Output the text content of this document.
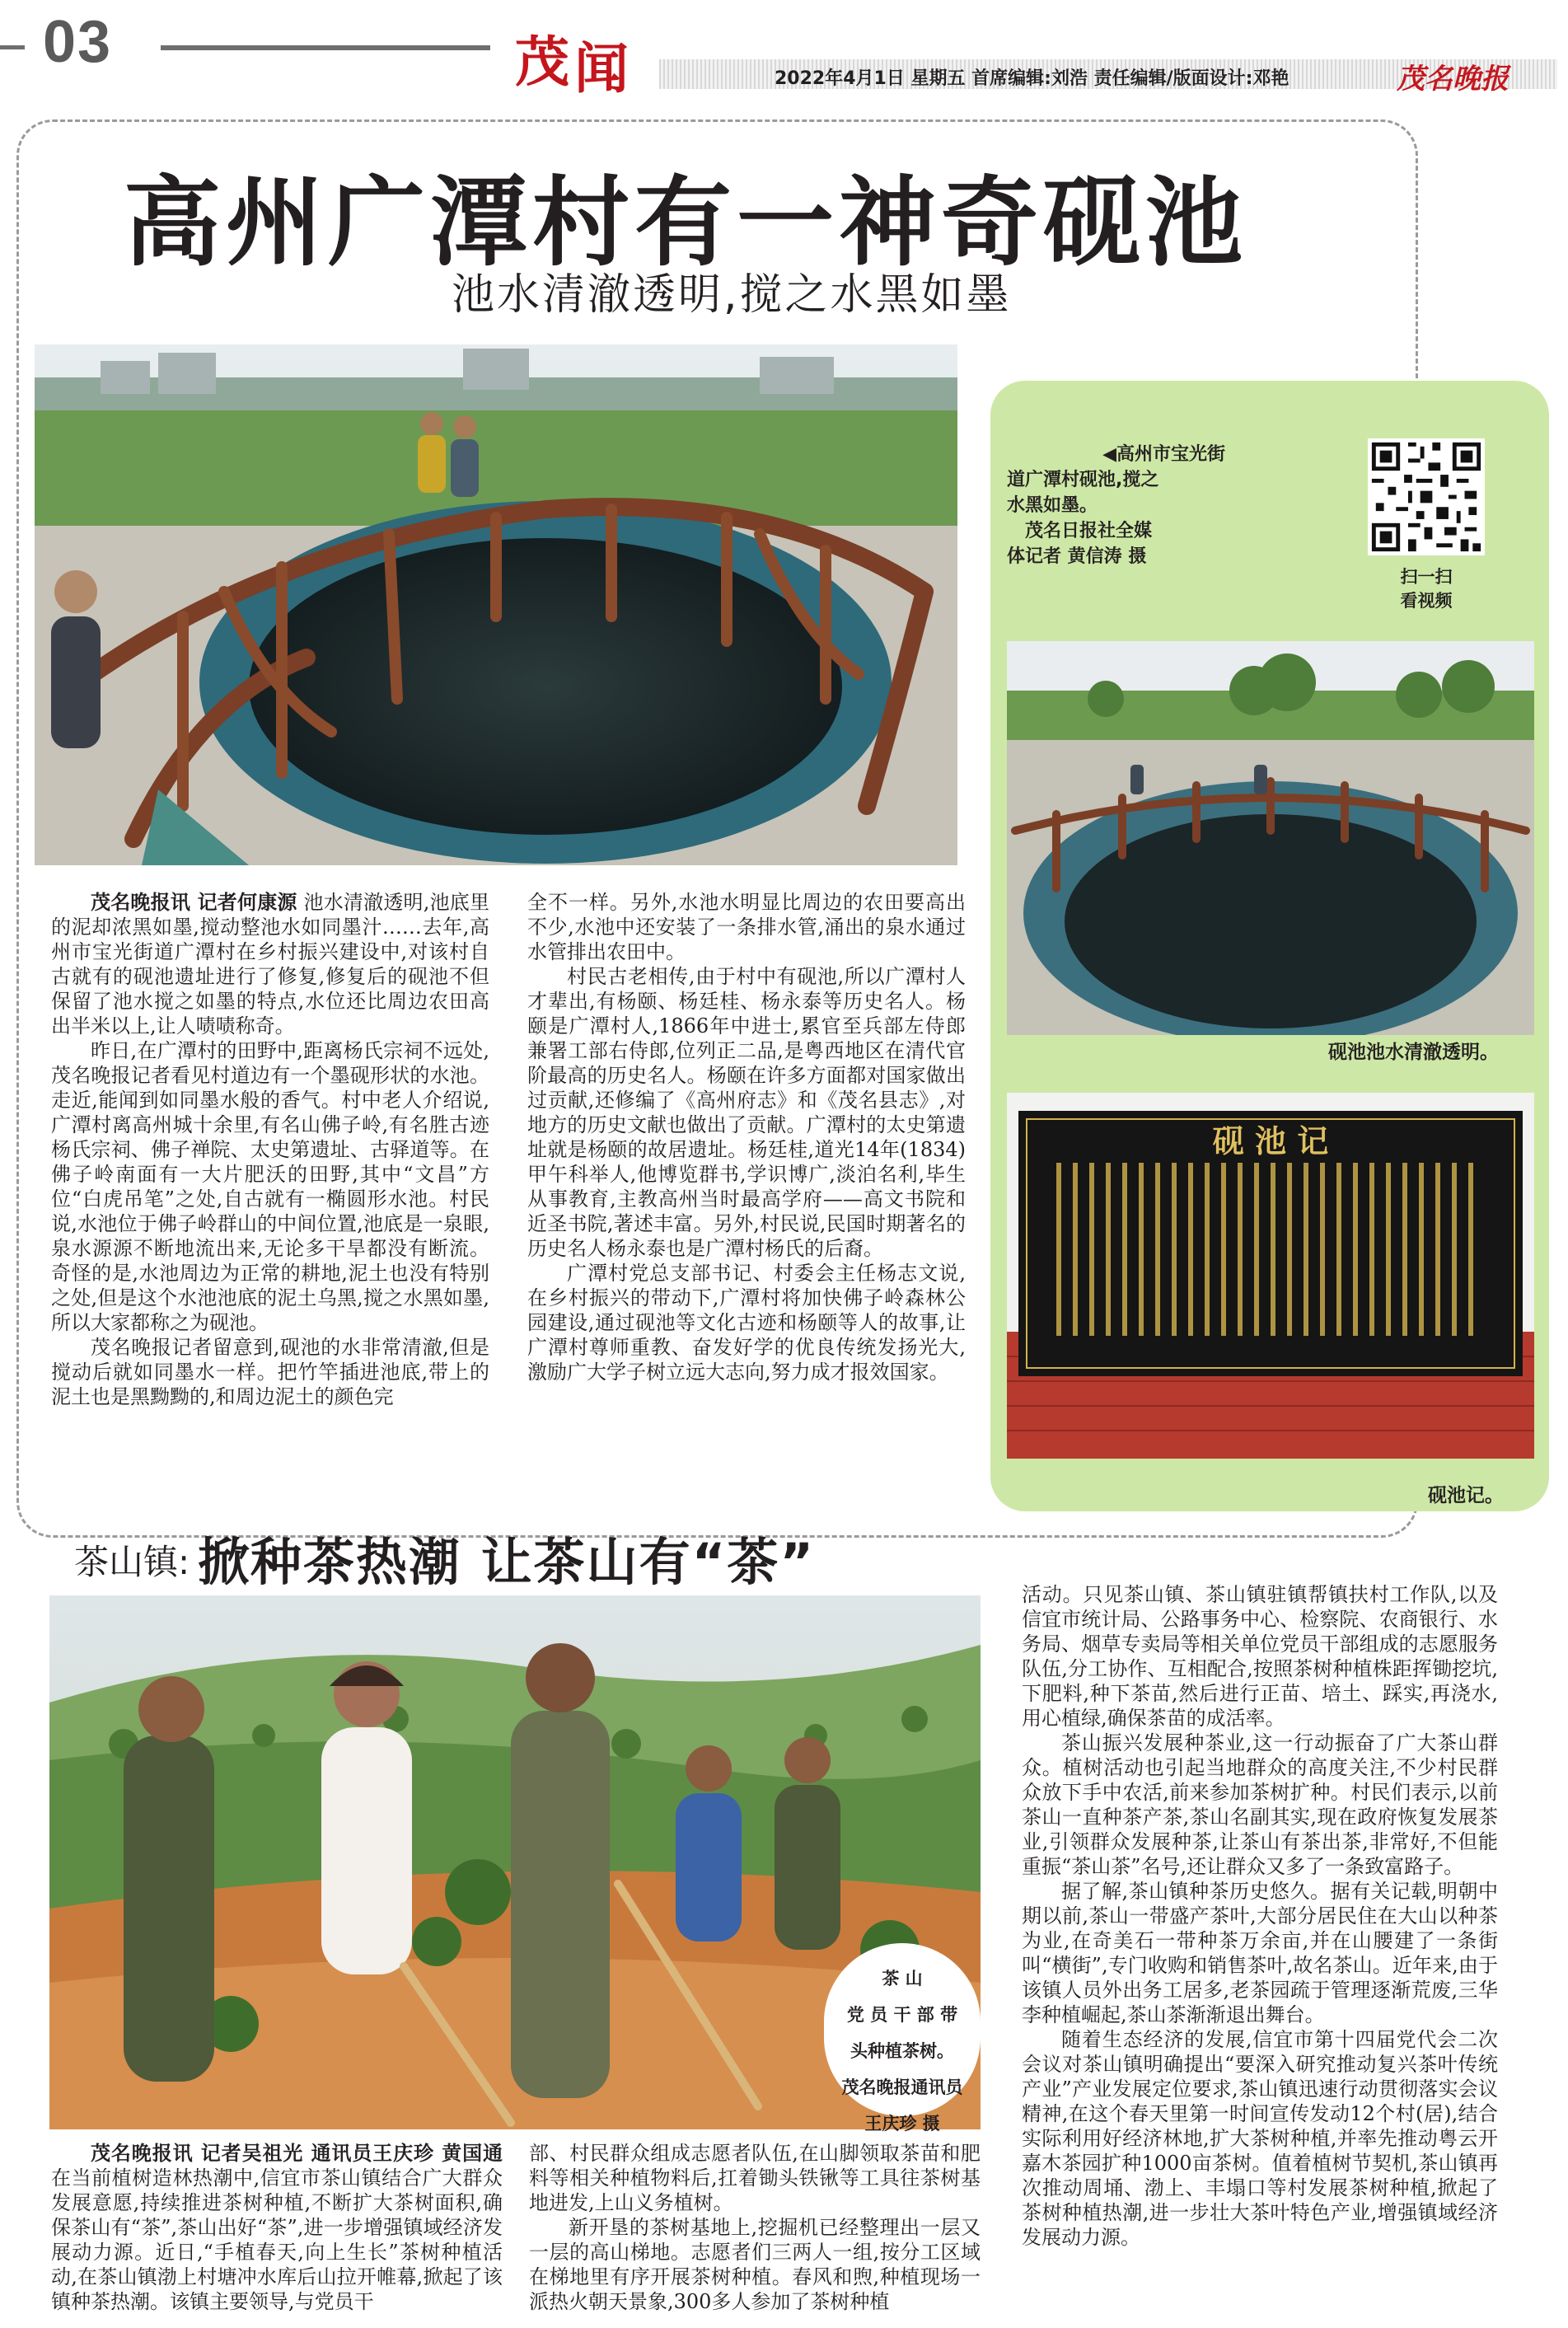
03	茂 闻	2022年4月1日 星期五 首席编辑:刘浩 责任编辑/版面设计:邓艳	茂名晚报
高州广潭村有一神奇砚池
池水清澈透明,搅之水黑如墨

茂名晚报讯 记者何康源 池水清澈透明,池底里的泥却浓黑如墨,搅动整池水如同墨汁……去年,高州市宝光街道广潭村在乡村振兴建设中,对该村自古就有的砚池遗址进行了修复,修复后的砚池不但保留了池水搅之如墨的特点,水位还比周边农田高出半米以上,让人啧啧称奇。

昨日,在广潭村的田野中,距离杨氏宗祠不远处,茂名晚报记者看见村道边有一个墨砚形状的水池。走近,能闻到如同墨水般的香气。村中老人介绍说,广潭村离高州城十余里,有名山佛子岭,有名胜古迹杨氏宗祠、佛子禅院、太史第遗址、古驿道等。在佛子岭南面有一大片肥沃的田野,其中“文昌”方位“白虎吊笔”之处,自古就有一椭圆形水池。村民说,水池位于佛子岭群山的中间位置,池底是一泉眼,泉水源源不断地流出来,无论多干旱都没有断流。奇怪的是,水池周边为正常的耕地,泥土也没有特别之处,但是这个水池池底的泥土乌黑,搅之水黑如墨,所以大家都称之为砚池。

茂名晚报记者留意到,砚池的水非常清澈,但是搅动后就如同墨水一样。把竹竿插进池底,带上的泥土也是黑黝黝的,和周边泥土的颜色完

全不一样。另外,水池水明显比周边的农田要高出不少,水池中还安装了一条排水管,涌出的泉水通过水管排出农田中。

村民古老相传,由于村中有砚池,所以广潭村人才辈出,有杨颐、杨廷桂、杨永泰等历史名人。杨颐是广潭村人,1866年中进士,累官至兵部左侍郎兼署工部右侍郎,位列正二品,是粤西地区在清代官阶最高的历史名人。杨颐在许多方面都对国家做出过贡献,还修编了《高州府志》和《茂名县志》,对地方的历史文献也做出了贡献。广潭村的太史第遗址就是杨颐的故居遗址。杨廷桂,道光14年(1834)甲午科举人,他博览群书,学识博广,淡泊名利,毕生从事教育,主教高州当时最高学府——高文书院和近圣书院,著述丰富。另外,村民说,民国时期著名的历史名人杨永泰也是广潭村杨氏的后裔。

广潭村党总支部书记、村委会主任杨志文说,在乡村振兴的带动下,广潭村将加快佛子岭森林公园建设,通过砚池等文化古迹和杨颐等人的故事,让广潭村尊师重教、奋发好学的优良传统发扬光大,激励广大学子树立远大志向,努力成才报效国家。

◀高州市宝光街
道广潭村砚池,搅之
水黑如墨。
　茂名日报社全媒
体记者 黄信涛 摄
扫一扫
看视频
砚池池水清澈透明。
砚 池 记
砚池记。
茶山镇: 掀种茶热潮 让茶山有“茶”
茶 山
党 员 干 部 带
头种植茶树。
茂名晚报通讯员
王庆珍 摄

茂名晚报讯 记者吴祖光 通讯员王庆珍 黄国通 在当前植树造林热潮中,信宜市茶山镇结合广大群众发展意愿,持续推进茶树种植,不断扩大茶树面积,确保茶山有“茶”,茶山出好“茶”,进一步增强镇域经济发展动力源。近日,“手植春天,向上生长”茶树种植活动,在茶山镇渤上村塘冲水库后山拉开帷幕,掀起了该镇种茶热潮。该镇主要领导,与党员干

部、村民群众组成志愿者队伍,在山脚领取茶苗和肥料等相关种植物料后,扛着锄头铁锹等工具往茶树基地进发,上山义务植树。

新开垦的茶树基地上,挖掘机已经整理出一层又一层的高山梯地。志愿者们三两人一组,按分工区域在梯地里有序开展茶树种植。春风和煦,种植现场一派热火朝天景象,300多人参加了茶树种植

活动。只见茶山镇、茶山镇驻镇帮镇扶村工作队,以及信宜市统计局、公路事务中心、检察院、农商银行、水务局、烟草专卖局等相关单位党员干部组成的志愿服务队伍,分工协作、互相配合,按照茶树种植株距挥锄挖坑,下肥料,种下茶苗,然后进行正苗、培土、踩实,再浇水,用心植绿,确保茶苗的成活率。

茶山振兴发展种茶业,这一行动振奋了广大茶山群众。植树活动也引起当地群众的高度关注,不少村民群众放下手中农活,前来参加茶树扩种。村民们表示,以前茶山一直种茶产茶,茶山名副其实,现在政府恢复发展茶业,引领群众发展种茶,让茶山有茶出茶,非常好,不但能重振“茶山茶”名号,还让群众又多了一条致富路子。

据了解,茶山镇种茶历史悠久。据有关记载,明朝中期以前,茶山一带盛产茶叶,大部分居民住在大山以种茶为业,在奇美石一带种茶万余亩,并在山腰建了一条街叫“横街”,专门收购和销售茶叶,故名茶山。近年来,由于该镇人员外出务工居多,老茶园疏于管理逐渐荒废,三华李种植崛起,茶山茶渐渐退出舞台。

随着生态经济的发展,信宜市第十四届党代会二次会议对茶山镇明确提出“要深入研究推动复兴茶叶传统产业”产业发展定位要求,茶山镇迅速行动贯彻落实会议精神,在这个春天里第一时间宣传发动12个村(居),结合实际利用好经济林地,扩大茶树种植,并率先推动粤云开嘉木茶园扩种1000亩茶树。值着植树节契机,茶山镇再次推动周埇、渤上、丰塌口等村发展茶树种植,掀起了茶树种植热潮,进一步壮大茶叶特色产业,增强镇域经济发展动力源。
